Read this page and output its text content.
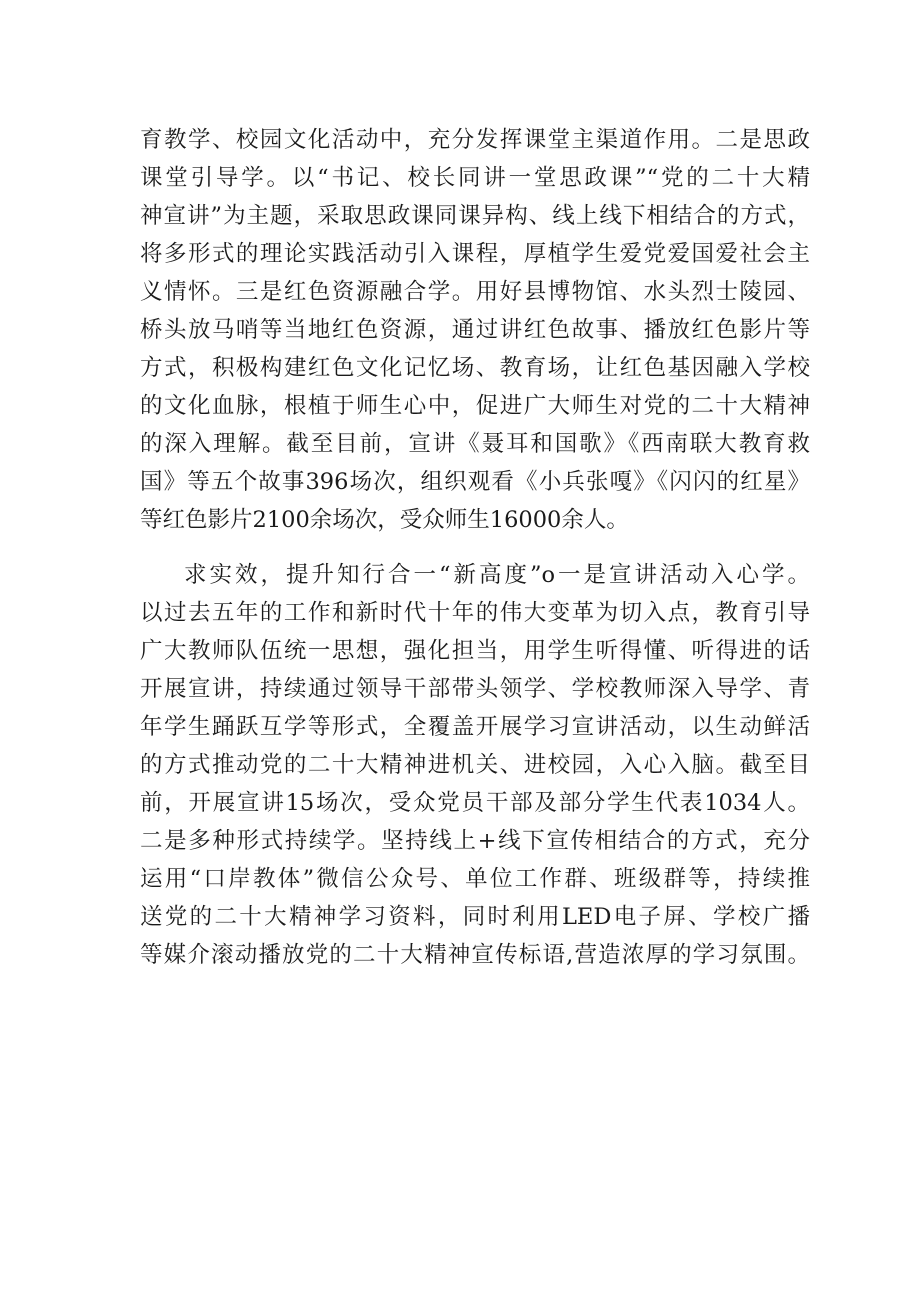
育教学、校园文化活动中，充分发挥课堂主渠道作用。二是思政
课堂引导学。以“书记、校长同讲一堂思政课”“党的二十大精
神宣讲”为主题，采取思政课同课异构、线上线下相结合的方式，
将多形式的理论实践活动引入课程，厚植学生爱党爱国爱社会主
义情怀。三是红色资源融合学。用好县博物馆、水头烈士陵园、
桥头放马哨等当地红色资源，通过讲红色故事、播放红色影片等
方式，积极构建红色文化记忆场、教育场，让红色基因融入学校
的文化血脉，根植于师生心中，促进广大师生对党的二十大精神
的深入理解。截至目前，宣讲《聂耳和国歌》《西南联大教育救
国》等五个故事396场次，组织观看《小兵张嘎》《闪闪的红星》
等红色影片2100余场次，受众师生16000余人。
求实效，提升知行合一“新高度”o一是宣讲活动入心学。
以过去五年的工作和新时代十年的伟大变革为切入点，教育引导
广大教师队伍统一思想，强化担当，用学生听得懂、听得进的话
开展宣讲，持续通过领导干部带头领学、学校教师深入导学、青
年学生踊跃互学等形式，全覆盖开展学习宣讲活动，以生动鲜活
的方式推动党的二十大精神进机关、进校园，入心入脑。截至目
前，开展宣讲15场次，受众党员干部及部分学生代表1034人。
二是多种形式持续学。坚持线上+线下宣传相结合的方式，充分
运用“口岸教体”微信公众号、单位工作群、班级群等，持续推
送党的二十大精神学习资料，同时利用LED电子屏、学校广播
等媒介滚动播放党的二十大精神宣传标语,营造浓厚的学习氛围。
